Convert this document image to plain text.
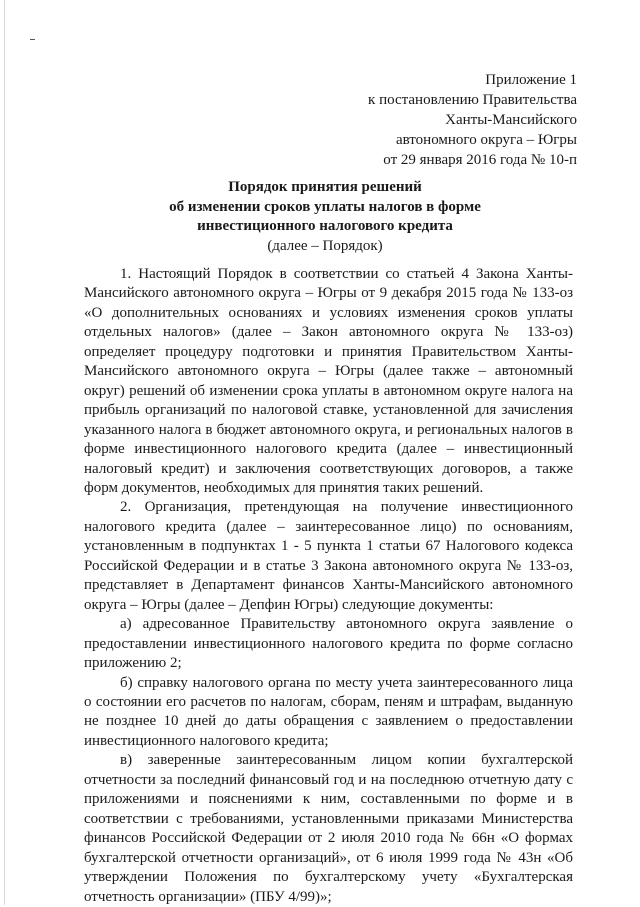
Приложение 1
к постановлению Правительства
Ханты-Мансийского
автономного округа – Югры
от 29 января 2016 года № 10-п
Порядок принятия решений
об изменении сроков уплаты налогов в форме
инвестиционного налогового кредита
(далее – Порядок)

1. Настоящий Порядок в соответствии со статьей 4 Закона Ханты-Мансийского автономного округа – Югры от 9 декабря 2015 года № 133-оз «О дополнительных основаниях и условиях изменения сроков уплаты отдельных налогов» (далее – Закон автономного округа № 133-оз) определяет процедуру подготовки и принятия Правительством Ханты-Мансийского автономного округа – Югры (далее также – автономный округ) решений об изменении срока уплаты в автономном округе налога на прибыль организаций по налоговой ставке, установленной для зачисления указанного налога в бюджет автономного округа, и региональных налогов в форме инвестиционного налогового кредита (далее – инвестиционный налоговый кредит) и заключения соответствующих договоров, а также форм документов, необходимых для принятия таких решений.

2. Организация, претендующая на получение инвестиционного налогового кредита (далее – заинтересованное лицо) по основаниям, установленным в подпунктах 1 - 5 пункта 1 статьи 67 Налогового кодекса Российской Федерации и в статье 3 Закона автономного округа № 133-оз, представляет в Департамент финансов Ханты-Мансийского автономного округа – Югры (далее – Депфин Югры) следующие документы:

а) адресованное Правительству автономного округа заявление о предоставлении инвестиционного налогового кредита по форме согласно приложению 2;

б) справку налогового органа по месту учета заинтересованного лица о состоянии его расчетов по налогам, сборам, пеням и штрафам, выданную не позднее 10 дней до даты обращения с заявлением о предоставлении инвестиционного налогового кредита;

в) заверенные заинтересованным лицом копии бухгалтерской отчетности за последний финансовый год и на последнюю отчетную дату с приложениями и пояснениями к ним, составленными по форме и в соответствии с требованиями, установленными приказами Министерства финансов Российской Федерации от 2 июля 2010 года № 66н «О формах бухгалтерской отчетности организаций», от 6 июля 1999 года № 43н «Об утверждении Положения по бухгалтерскому учету «Бухгалтерская отчетность организации» (ПБУ 4/99)»;
